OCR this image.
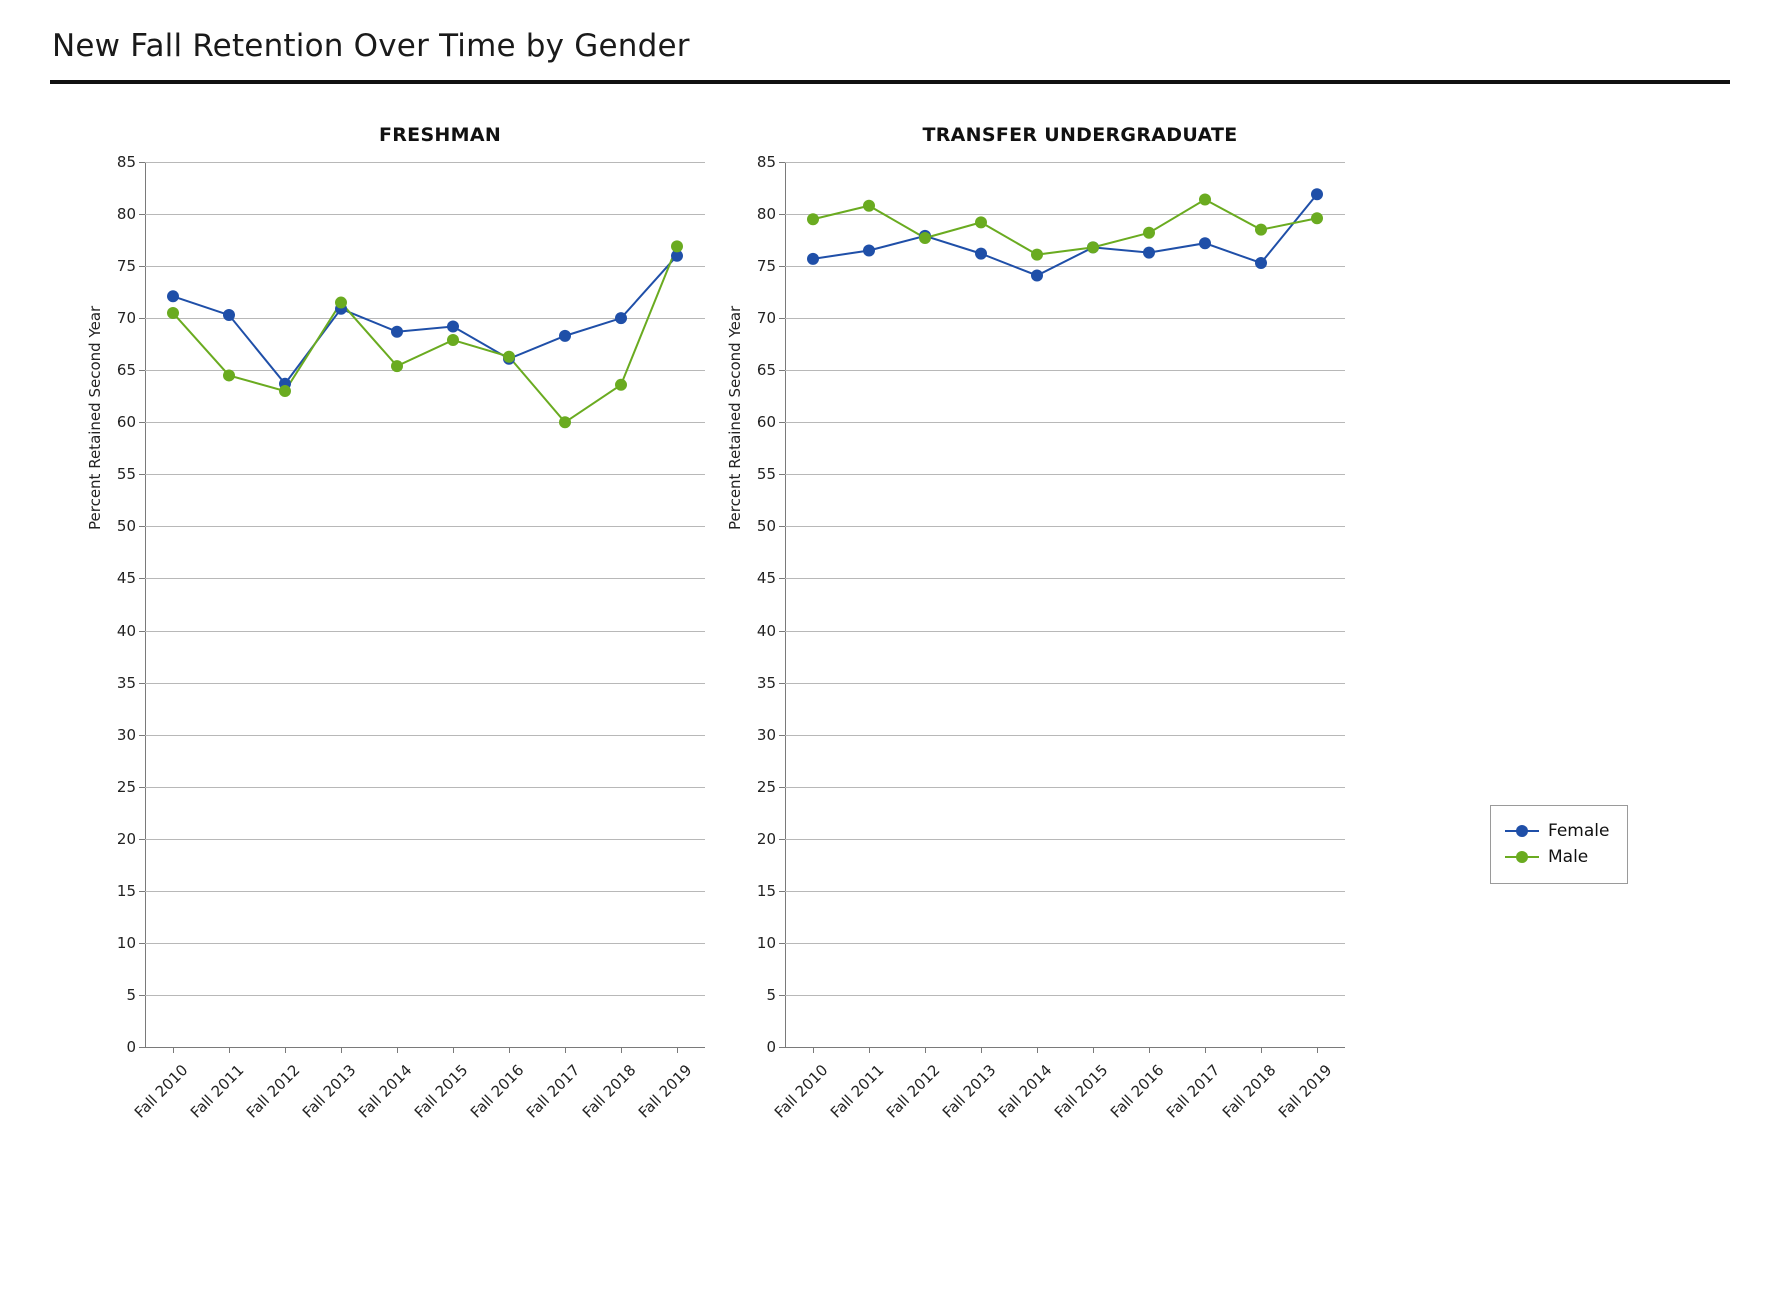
New Fall Retention Over Time by Gender
FRESHMAN
Percent Retained Second Year
0
5
10
15
20
25
30
35
40
45
50
55
60
65
70
75
80
85
Fall 2010
Fall 2011
Fall 2012
Fall 2013
Fall 2014
Fall 2015
Fall 2016
Fall 2017
Fall 2018
Fall 2019
TRANSFER UNDERGRADUATE
Percent Retained Second Year
0
5
10
15
20
25
30
35
40
45
50
55
60
65
70
75
80
85
Fall 2010
Fall 2011
Fall 2012
Fall 2013
Fall 2014
Fall 2015
Fall 2016
Fall 2017
Fall 2018
Fall 2019
Female
Male
